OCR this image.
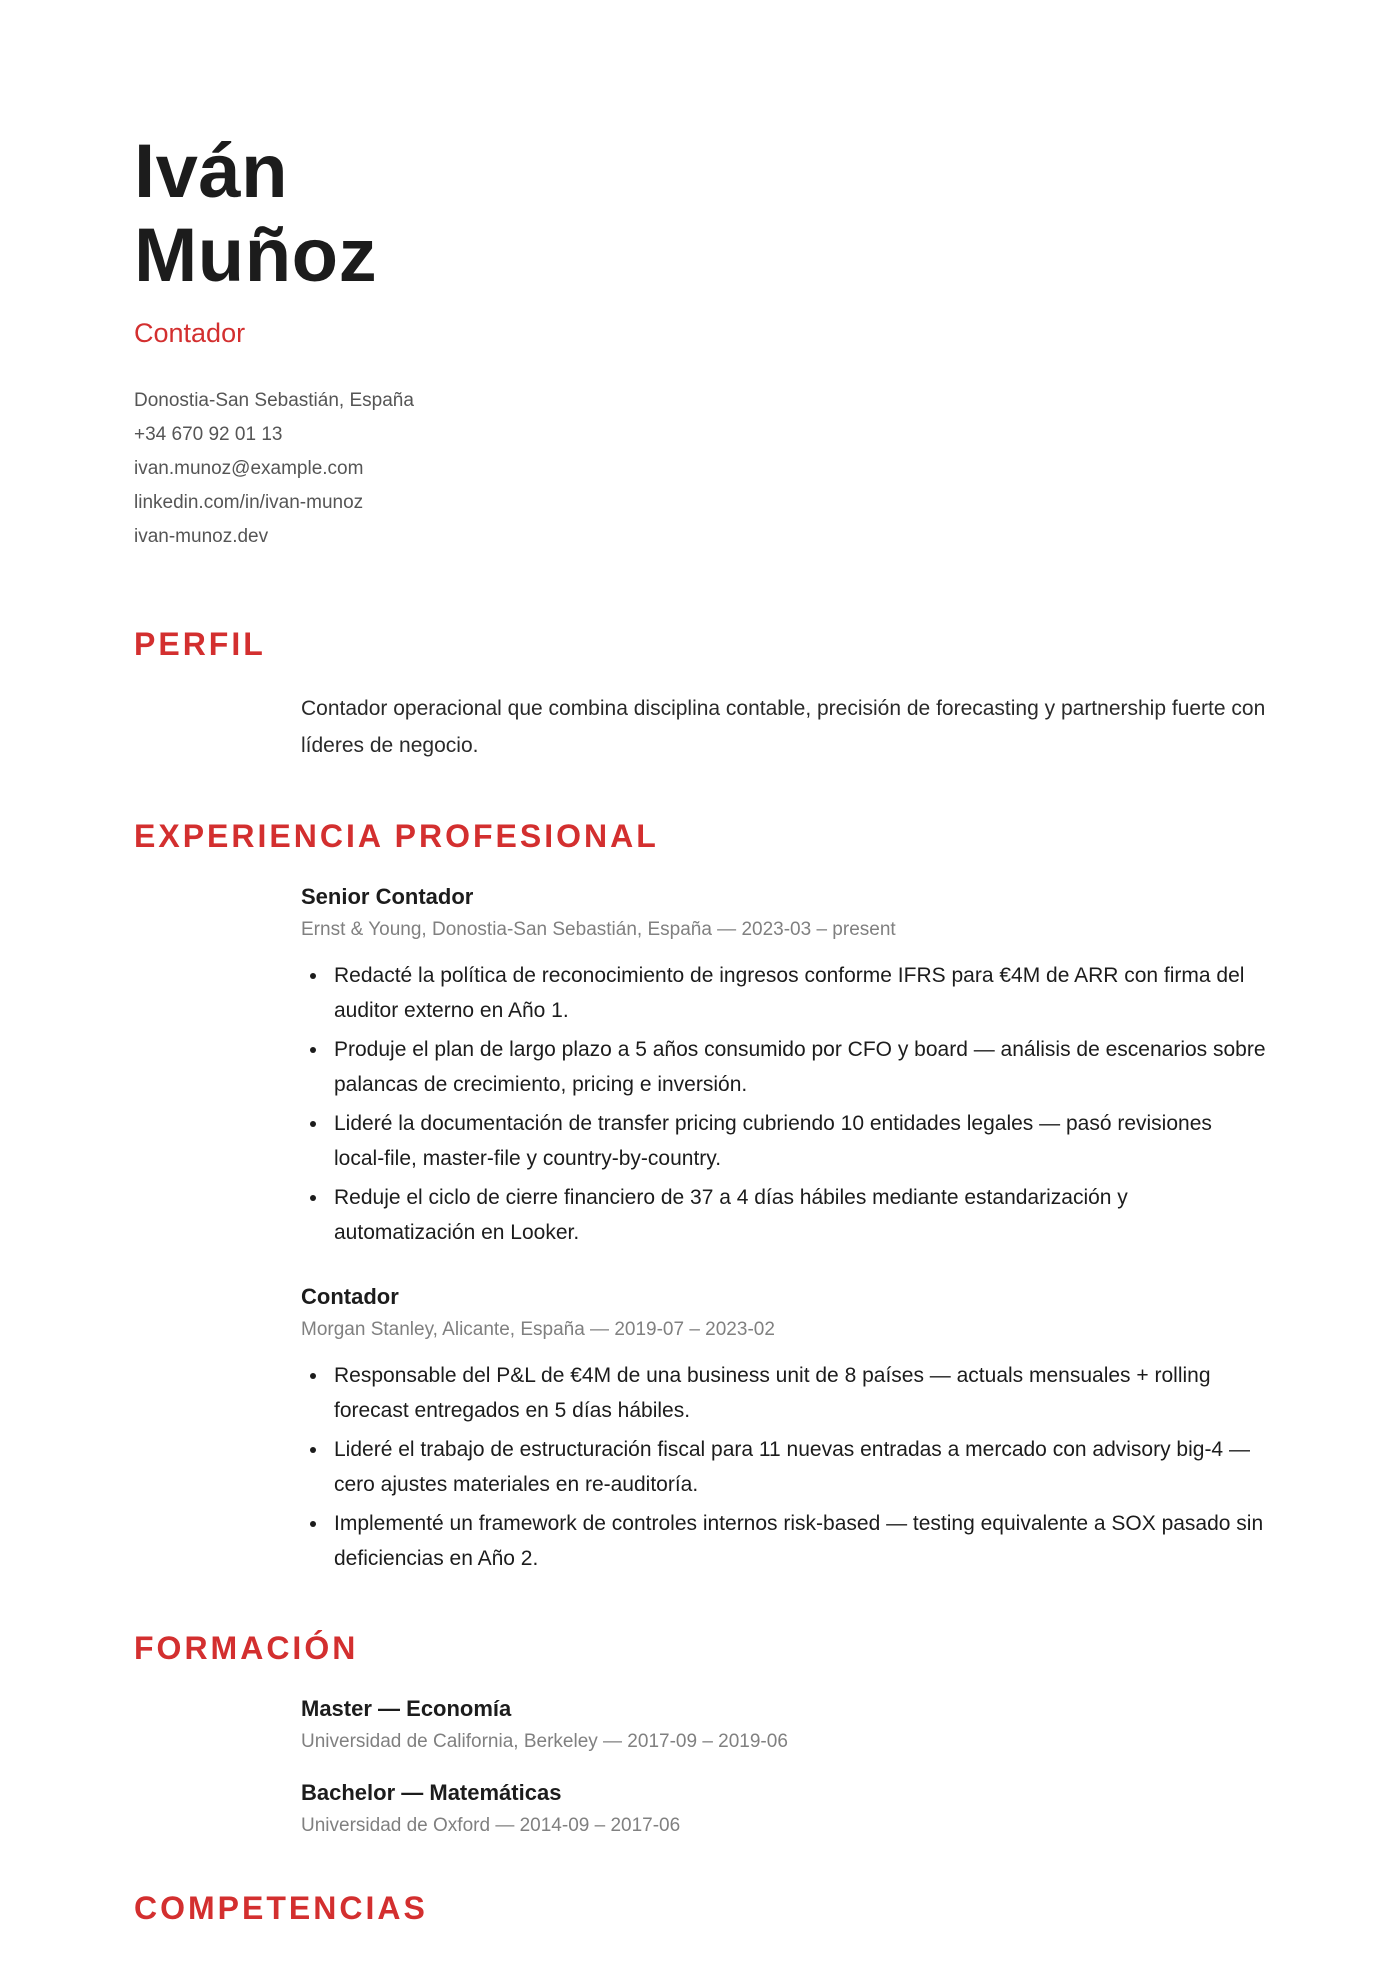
Iván
Muñoz
Contador
Donostia-San Sebastián, España
+34 670 92 01 13
ivan.munoz@example.com
linkedin.com/in/ivan-munoz
ivan-munoz.dev
PERFIL

Contador operacional que combina disciplina contable, precisión de forecasting y partnership fuerte con líderes de negocio.

EXPERIENCIA PROFESIONAL
Senior Contador
Ernst & Young, Donostia-San Sebastián, España — 2023-03 – present
Redacté la política de reconocimiento de ingresos conforme IFRS para €4M de ARR con firma del auditor externo en Año 1.
Produje el plan de largo plazo a 5 años consumido por CFO y board — análisis de escenarios sobre palancas de crecimiento, pricing e inversión.
Lideré la documentación de transfer pricing cubriendo 10 entidades legales — pasó revisiones local-file, master-file y country-by-country.
Reduje el ciclo de cierre financiero de 37 a 4 días hábiles mediante estandarización y automatización en Looker.
Contador
Morgan Stanley, Alicante, España — 2019-07 – 2023-02
Responsable del P&L de €4M de una business unit de 8 países — actuals mensuales + rolling forecast entregados en 5 días hábiles.
Lideré el trabajo de estructuración fiscal para 11 nuevas entradas a mercado con advisory big-4 — cero ajustes materiales en re-auditoría.
Implementé un framework de controles internos risk-based — testing equivalente a SOX pasado sin deficiencias en Año 2.
FORMACIÓN
Master — Economía
Universidad de California, Berkeley — 2017-09 – 2019-06
Bachelor — Matemáticas
Universidad de Oxford — 2014-09 – 2017-06
COMPETENCIAS
